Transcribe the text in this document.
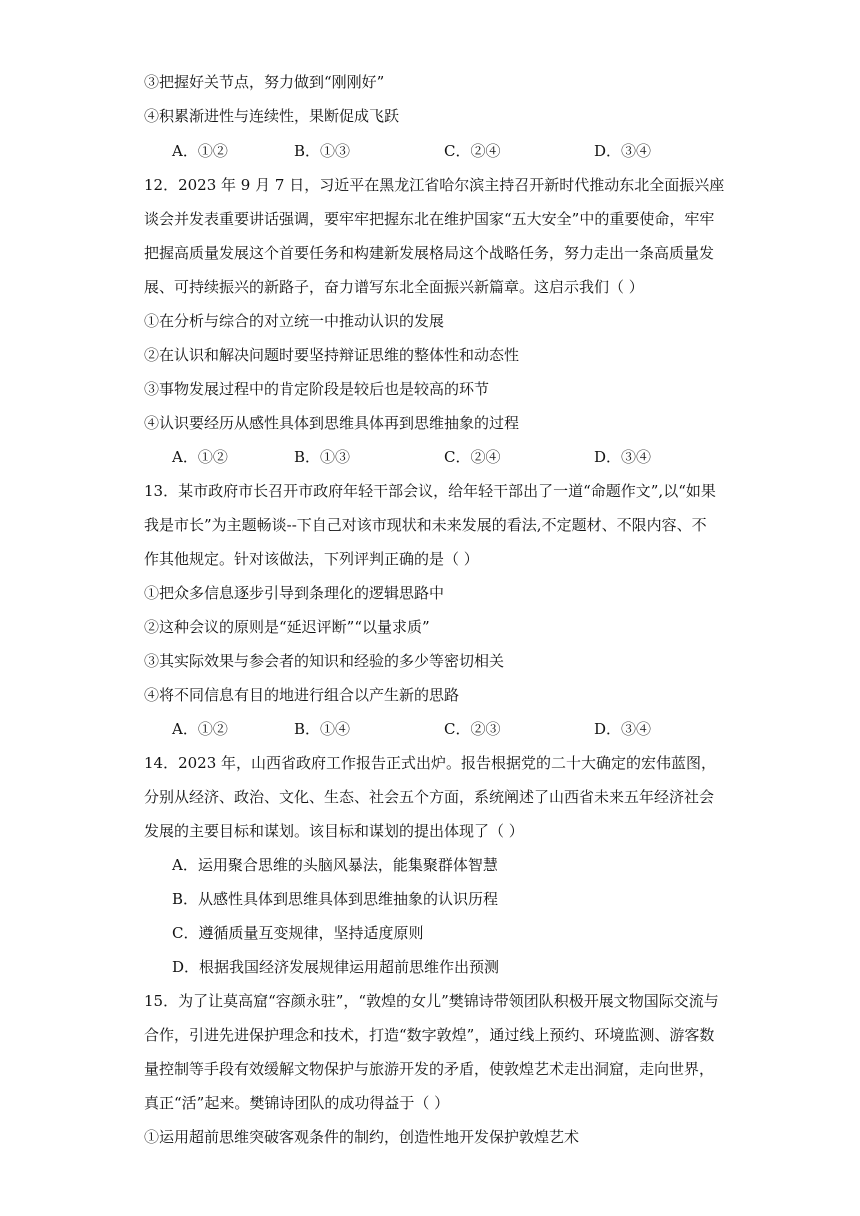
③把握好关节点，努力做到“刚刚好”
④积累渐进性与连续性，果断促成飞跃
A．①②	B．①③	C．②④	D．③④
12．2023 年 9 月 7 日，习近平在黑龙江省哈尔滨主持召开新时代推动东北全面振兴座
谈会并发表重要讲话强调，要牢牢把握东北在维护国家“五大安全”中的重要使命，牢牢
把握高质量发展这个首要任务和构建新发展格局这个战略任务，努力走出一条高质量发
展、可持续振兴的新路子，奋力谱写东北全面振兴新篇章。这启示我们（ ）
①在分析与综合的对立统一中推动认识的发展
②在认识和解决问题时要坚持辩证思维的整体性和动态性
③事物发展过程中的肯定阶段是较后也是较高的环节
④认识要经历从感性具体到思维具体再到思维抽象的过程
A．①②	B．①③	C．②④	D．③④
13．某市政府市长召开市政府年轻干部会议，给年轻干部出了一道“命题作文”,以“如果
我是市长”为主题畅谈--下自己对该市现状和未来发展的看法,不定题材、不限内容、不
作其他规定。针对该做法，下列评判正确的是（ ）
①把众多信息逐步引导到条理化的逻辑思路中
②这种会议的原则是“延迟评断”“以量求质”
③其实际效果与参会者的知识和经验的多少等密切相关
④将不同信息有目的地进行组合以产生新的思路
A．①②	B．①④	C．②③	D．③④
14．2023 年，山西省政府工作报告正式出炉。报告根据党的二十大确定的宏伟蓝图，
分别从经济、政治、文化、生态、社会五个方面，系统阐述了山西省未来五年经济社会
发展的主要目标和谋划。该目标和谋划的提出体现了（ ）
A．运用聚合思维的头脑风暴法，能集聚群体智慧
B．从感性具体到思维具体到思维抽象的认识历程
C．遵循质量互变规律，坚持适度原则
D．根据我国经济发展规律运用超前思维作出预测
15．为了让莫高窟“容颜永驻”，“敦煌的女儿”樊锦诗带领团队积极开展文物国际交流与
合作，引进先进保护理念和技术，打造“数字敦煌”，通过线上预约、环境监测、游客数
量控制等手段有效缓解文物保护与旅游开发的矛盾，使敦煌艺术走出洞窟，走向世界，
真正“活”起来。樊锦诗团队的成功得益于（ ）
①运用超前思维突破客观条件的制约，创造性地开发保护敦煌艺术
